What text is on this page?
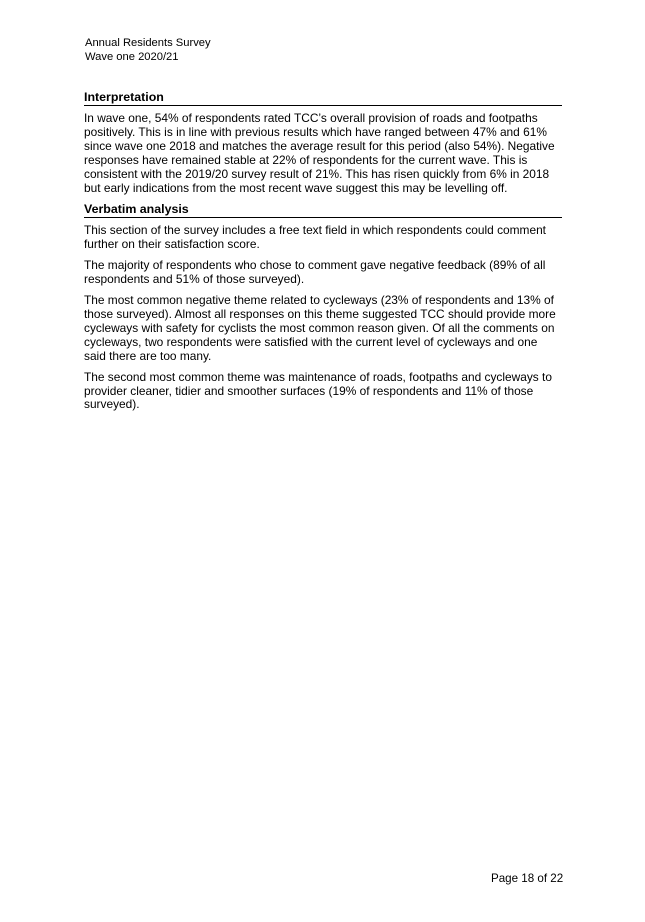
Annual Residents Survey
Wave one 2020/21
Interpretation

In wave one, 54% of respondents rated TCC’s overall provision of roads and footpaths positively. This is in line with previous results which have ranged between 47% and 61% since wave one 2018 and matches the average result for this period (also 54%). Negative responses have remained stable at 22% of respondents for the current wave. This is consistent with the 2019/20 survey result of 21%. This has risen quickly from 6% in 2018 but early indications from the most recent wave suggest this may be levelling off.

Verbatim analysis

This section of the survey includes a free text field in which respondents could comment further on their satisfaction score.

The majority of respondents who chose to comment gave negative feedback (89% of all respondents and 51% of those surveyed).

The most common negative theme related to cycleways (23% of respondents and 13% of those surveyed). Almost all responses on this theme suggested TCC should provide more cycleways with safety for cyclists the most common reason given. Of all the comments on cycleways, two respondents were satisfied with the current level of cycleways and one said there are too many.

The second most common theme was maintenance of roads, footpaths and cycleways to provider cleaner, tidier and smoother surfaces (19% of respondents and 11% of those surveyed).

Page 18 of 22
